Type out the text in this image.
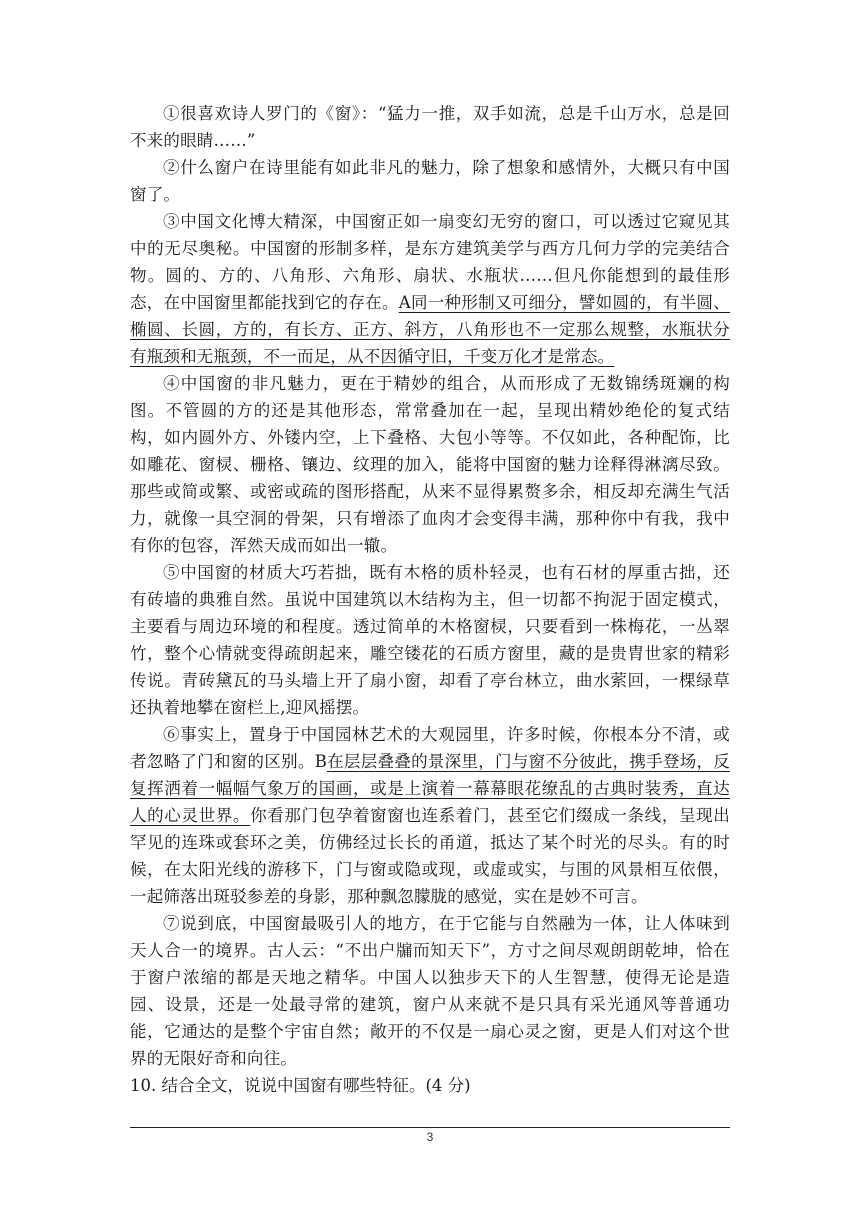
①很喜欢诗人罗门的《窗》：“猛力一推，双手如流，总是千山万水，总是回不来的眼睛……”

②什么窗户在诗里能有如此非凡的魅力，除了想象和感情外，大概只有中国窗了。

③中国文化博大精深，中国窗正如一扇变幻无穷的窗口，可以透过它窥见其中的无尽奥秘。中国窗的形制多样，是东方建筑美学与西方几何力学的完美结合物。圆的、方的、八角形、六角形、扇状、水瓶状……但凡你能想到的最佳形态，在中国窗里都能找到它的存在。A同一种形制又可细分，譬如圆的，有半圆、椭圆、长圆，方的，有长方、正方、斜方，八角形也不一定那么规整，水瓶状分有瓶颈和无瓶颈，不一而足，从不因循守旧，千变万化才是常态。

④中国窗的非凡魅力，更在于精妙的组合，从而形成了无数锦绣斑斓的构图。不管圆的方的还是其他形态，常常叠加在一起，呈现出精妙绝伦的复式结构，如内圆外方、外镂内空，上下叠格、大包小等等。不仅如此，各种配饰，比如雕花、窗棂、栅格、镶边、纹理的加入，能将中国窗的魅力诠释得淋漓尽致。那些或简或繁、或密或疏的图形搭配，从来不显得累赘多余，相反却充满生气活力，就像一具空洞的骨架，只有增添了血肉才会变得丰满，那种你中有我，我中有你的包容，浑然天成而如出一辙。

⑤中国窗的材质大巧若拙，既有木格的质朴轻灵，也有石材的厚重古拙，还有砖墙的典雅自然。虽说中国建筑以木结构为主，但一切都不拘泥于固定模式，主要看与周边环境的和程度。透过简单的木格窗棂，只要看到一株梅花，一丛翠竹，整个心情就变得疏朗起来，雕空镂花的石质方窗里，藏的是贵胄世家的精彩传说。青砖黛瓦的马头墙上开了扇小窗，却看了亭台林立，曲水萦回，一棵绿草还执着地攀在窗栏上,迎风摇摆。

⑥事实上，置身于中国园林艺术的大观园里，许多时候，你根本分不清，或者忽略了门和窗的区别。B在层层叠叠的景深里，门与窗不分彼此，携手登场，反复挥洒着一幅幅气象万的国画，或是上演着一幕幕眼花缭乱的古典时装秀，直达人的心灵世界。你看那门包孕着窗窗也连系着门，甚至它们缀成一条线，呈现出罕见的连珠或套环之美，仿佛经过长长的甬道，抵达了某个时光的尽头。有的时候，在太阳光线的游移下，门与窗或隐或现，或虚或实，与围的风景相互依偎，一起筛落出斑驳参差的身影，那种飘忽朦胧的感觉，实在是妙不可言。

⑦说到底，中国窗最吸引人的地方，在于它能与自然融为一体，让人体味到天人合一的境界。古人云：“不出户牖而知天下”，方寸之间尽观朗朗乾坤，恰在于窗户浓缩的都是天地之精华。中国人以独步天下的人生智慧，使得无论是造园、设景，还是一处最寻常的建筑，窗户从来就不是只具有采光通风等普通功能，它通达的是整个宇宙自然；敞开的不仅是一扇心灵之窗，更是人们对这个世界的无限好奇和向往。

10. 结合全文，说说中国窗有哪些特征。(4 分)

3
